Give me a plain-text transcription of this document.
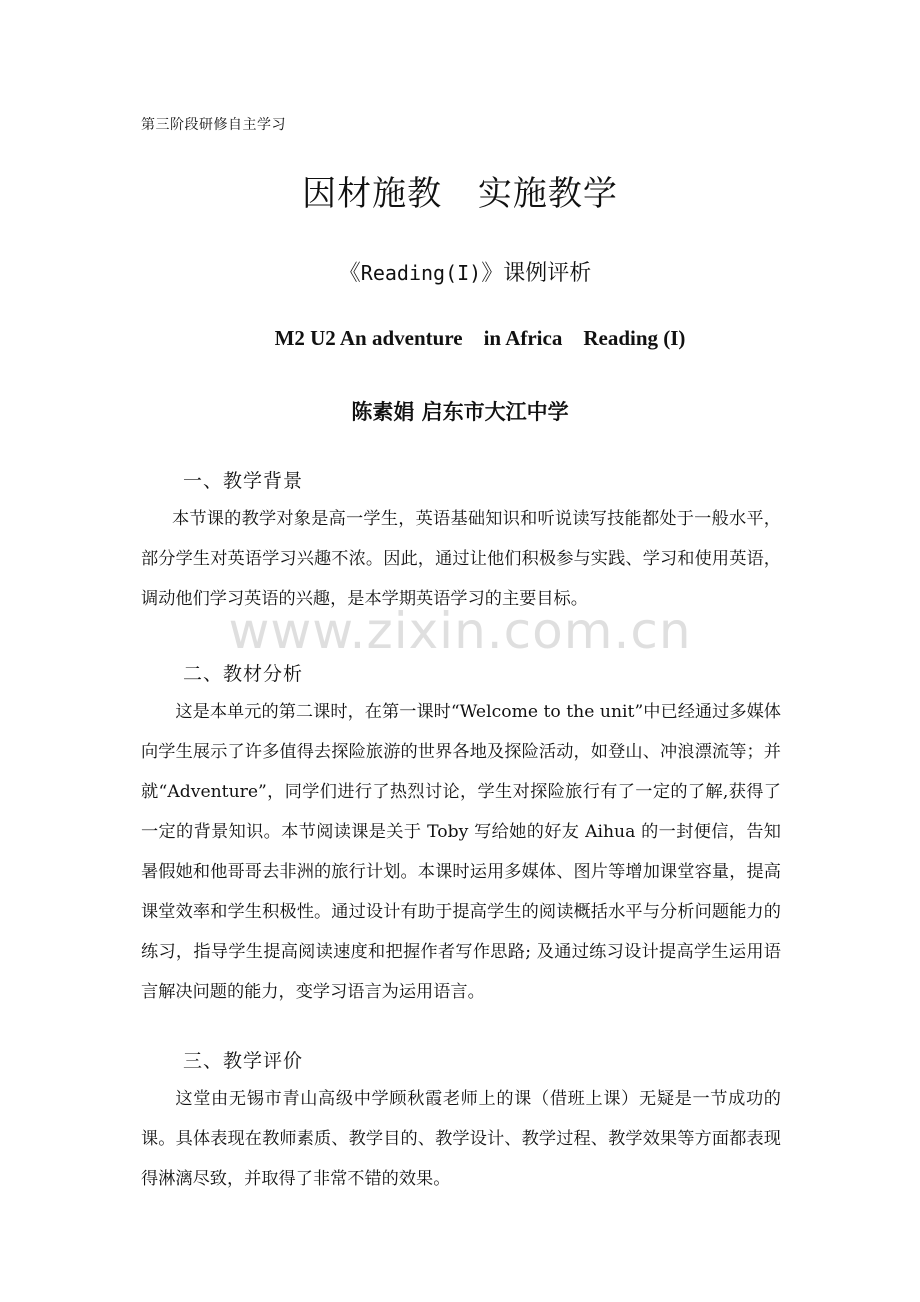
第三阶段研修自主学习
因材施教 实施教学
《Reading(I)》课例评析
M2 U2 An adventure    in Africa    Reading (I)
陈素娟 启东市大江中学
一、教学背景
本节课的教学对象是高一学生，英语基础知识和听说读写技能都处于一般水平，部分学生对英语学习兴趣不浓。因此，通过让他们积极参与实践、学习和使用英语，调动他们学习英语的兴趣，是本学期英语学习的主要目标。
www.zixin.com.cn
二、教材分析
这是本单元的第二课时，在第一课时“Welcome to the unit”中已经通过多媒体向学生展示了许多值得去探险旅游的世界各地及探险活动，如登山、冲浪漂流等；并就“Adventure”，同学们进行了热烈讨论，学生对探险旅行有了一定的了解,获得了一定的背景知识。本节阅读课是关于 Toby 写给她的好友 Aihua 的一封便信，告知 暑假她和他哥哥去非洲的旅行计划。本课时运用多媒体、图片等增加课堂容量，提高课堂效率和学生积极性。通过设计有助于提高学生的阅读概括水平与分析问题能力的练习，指导学生提高阅读速度和把握作者写作思路; 及通过练习设计提高学生运用语言解决问题的能力，变学习语言为运用语言。
三、教学评价
这堂由无锡市青山高级中学顾秋霞老师上的课（借班上课）无疑是一节成功的课。具体表现在教师素质、教学目的、教学设计、教学过程、教学效果等方面都表现得淋漓尽致，并取得了非常不错的效果。
